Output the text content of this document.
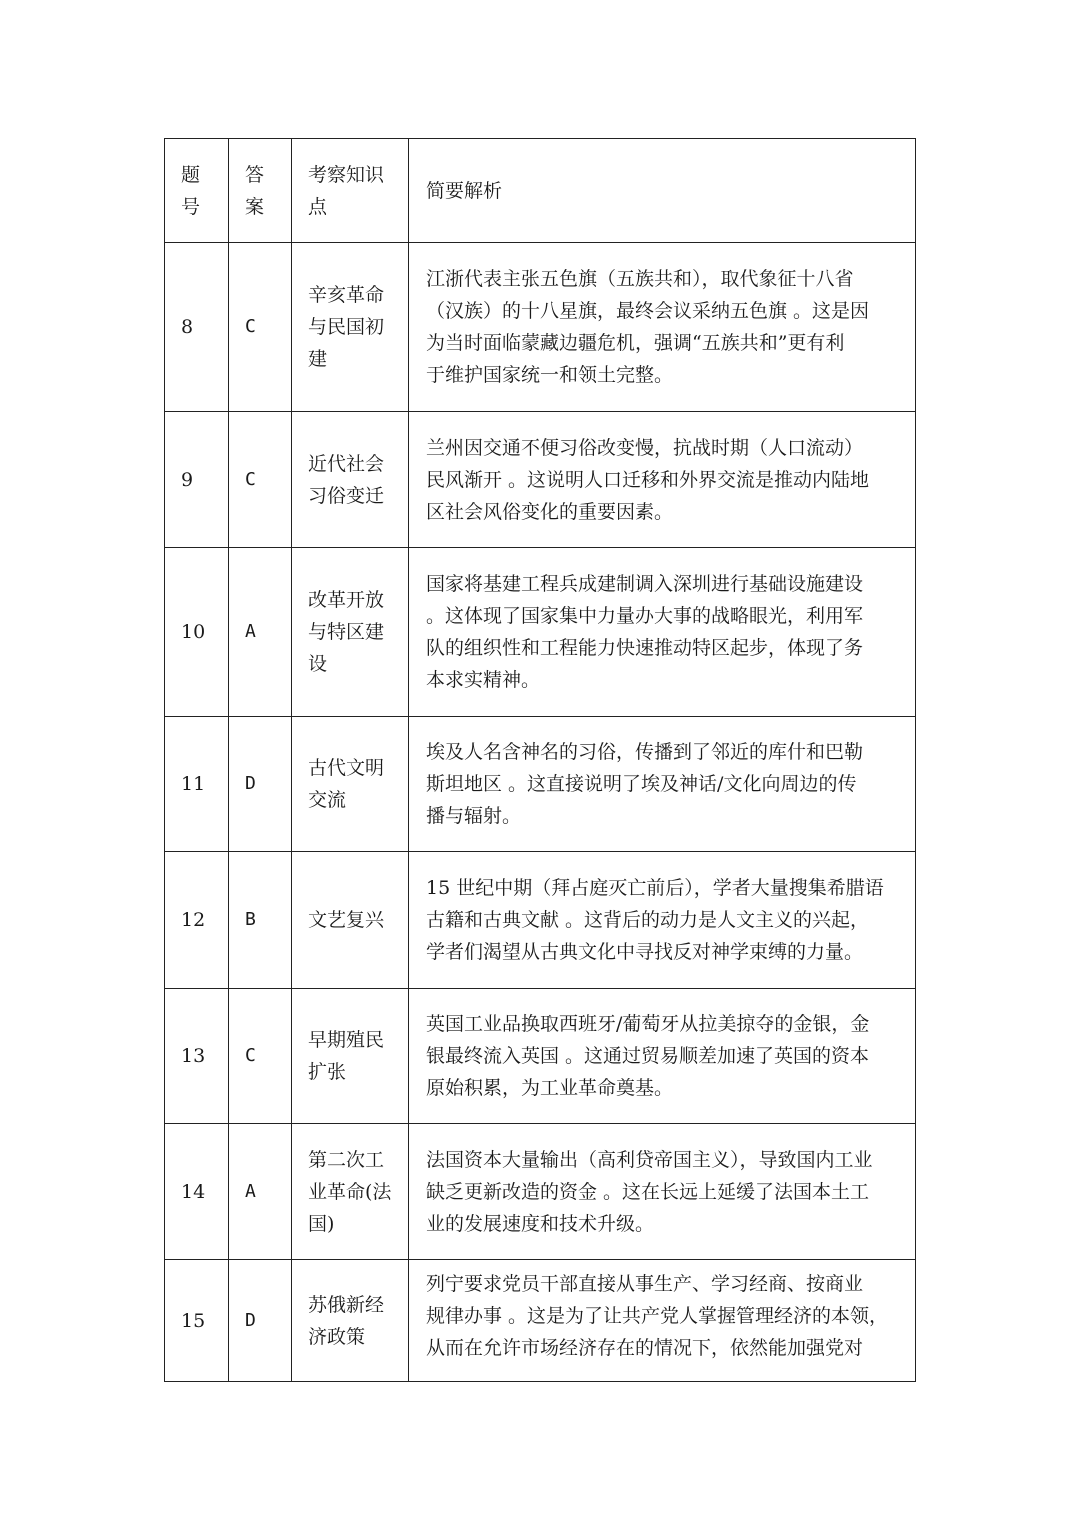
题号	答案	考察知识点	简要解析
8	C	辛亥革命与民国初建	江浙代表主张五色旗（五族共和），取代象征十八省
（汉族）的十八星旗，最终会议采纳五色旗 。这是因
为当时面临蒙藏边疆危机，强调“五族共和”更有利
于维护国家统一和领土完整。

9	C	近代社会习俗变迁	兰州因交通不便习俗改变慢，抗战时期（人口流动）
民风渐开 。这说明人口迁移和外界交流是推动内陆地
区社会风俗变化的重要因素。

10	A	改革开放与特区建设	国家将基建工程兵成建制调入深圳进行基础设施建设
。这体现了国家集中力量办大事的战略眼光，利用军
队的组织性和工程能力快速推动特区起步，体现了务
本求实精神。

11	D	古代文明交流	埃及人名含神名的习俗，传播到了邻近的库什和巴勒
斯坦地区 。这直接说明了埃及神话/文化向周边的传
播与辐射。

12	B	文艺复兴	15 世纪中期（拜占庭灭亡前后），学者大量搜集希腊语
古籍和古典文献 。这背后的动力是人文主义的兴起，
学者们渴望从古典文化中寻找反对神学束缚的力量。

13	C	早期殖民扩张	英国工业品换取西班牙/葡萄牙从拉美掠夺的金银，金
银最终流入英国 。这通过贸易顺差加速了英国的资本
原始积累，为工业革命奠基。

14	A	第二次工业革命(法国)	法国资本大量输出（高利贷帝国主义），导致国内工业
缺乏更新改造的资金 。这在长远上延缓了法国本土工
业的发展速度和技术升级。

15	D	苏俄新经济政策	列宁要求党员干部直接从事生产、学习经商、按商业
规律办事 。这是为了让共产党人掌握管理经济的本领，
从而在允许市场经济存在的情况下，依然能加强党对
